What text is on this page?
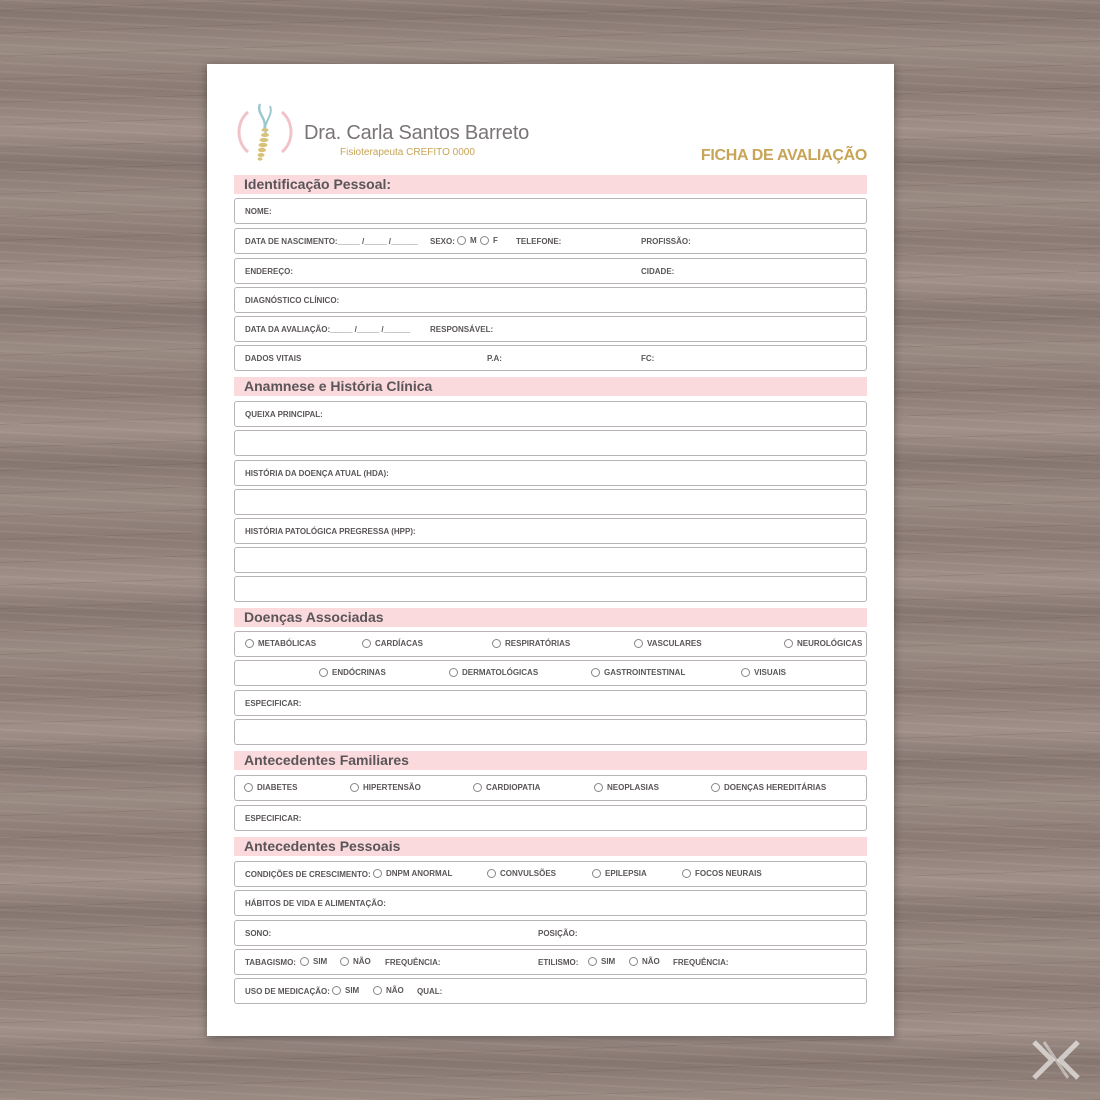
Dra. Carla Santos Barreto
Fisioterapeuta CREFITO 0000	FICHA DE AVALIAÇÃO
Identificação Pessoal:
NOME:
DATA DE NASCIMENTO:_____ /_____ /______ SEXO:	M	F TELEFONE:	PROFISSÃO:
ENDEREÇO:	CIDADE:
DIAGNÓSTICO CLÍNICO:
DATA DA AVALIAÇÃO:_____ /_____ /______ RESPONSÁVEL:
DADOS VITAIS	P.A:	FC:
Anamnese e História Clínica
QUEIXA PRINCIPAL:
HISTÓRIA DA DOENÇA ATUAL (HDA):
HISTÓRIA PATOLÓGICA PREGRESSA (HPP):
Doenças Associadas
METABÓLICAS	CARDÍACAS	RESPIRATÓRIAS	VASCULARES	NEUROLÓGICAS
ENDÓCRINAS	DERMATOLÓGICAS	GASTROINTESTINAL	VISUAIS
ESPECIFICAR:
Antecedentes Familiares
DIABETES	HIPERTENSÃO	CARDIOPATIA	NEOPLASIAS	DOENÇAS HEREDITÁRIAS
ESPECIFICAR:
Antecedentes Pessoais
CONDIÇÕES DE CRESCIMENTO:	DNPM ANORMAL	CONVULSÕES	EPILEPSIA	FOCOS NEURAIS
HÁBITOS DE VIDA E ALIMENTAÇÃO:
SONO:	POSIÇÃO:
TABAGISMO:	SIM	NÃO FREQUÊNCIA:	ETILISMO:	SIM	NÃO FREQUÊNCIA:
USO DE MEDICAÇÃO:	SIM	NÃO QUAL:
